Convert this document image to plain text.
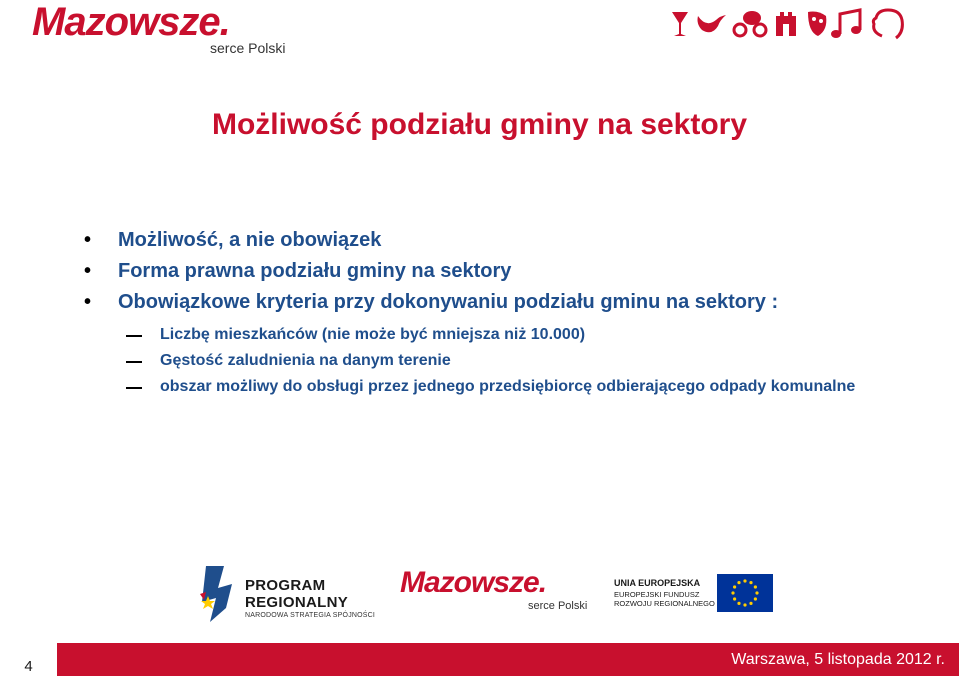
Mazowsze.
serce Polski
Możliwość podziału gminy na sektory
• Możliwość, a nie obowiązek
• Forma prawna podziału gminy na sektory
• Obowiązkowe kryteria przy dokonywaniu podziału gminu na sektory :
Liczbę mieszkańców (nie może być mniejsza niż 10.000)
Gęstość zaludnienia na danym terenie
obszar możliwy do obsługi przez jednego przedsiębiorcę odbierającego odpady komunalne
PROGRAM
REGIONALNY
NARODOWA STRATEGIA SPÓJNOŚCI
Mazowsze.
serce Polski
UNIA EUROPEJSKA
EUROPEJSKI FUNDUSZ
ROZWOJU REGIONALNEGO
4	Warszawa, 5 listopada 2012 r.
